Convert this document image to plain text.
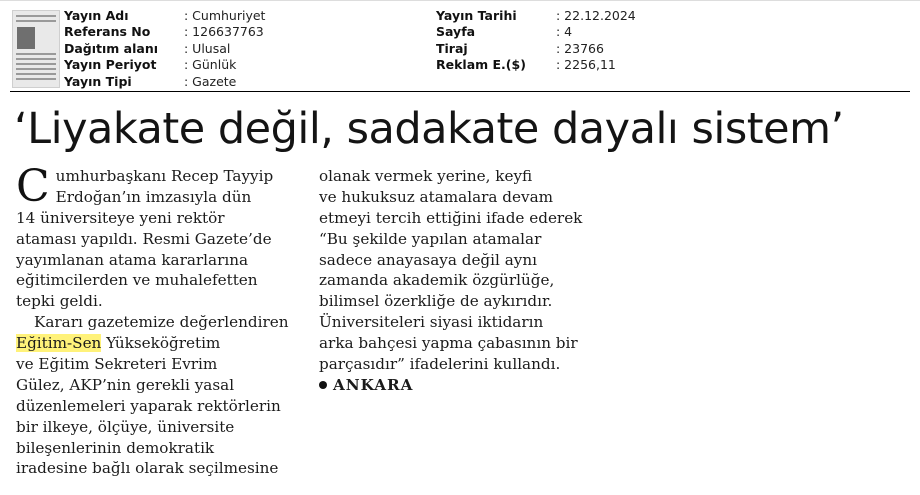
Yayın Adı	: Cumhuriyet
Referans No	: 126637763
Dağıtım alanı : Ulusal
Yayın Periyot : Günlük
Yayın Tipi	: Gazete
Yayın Tarihi	: 22.12.2024
Sayfa	: 4
Tiraj	: 23766
Reklam E.($) : 2256,11
‘Liyakate değil, sadakate dayalı sistem’
C umhurbaşkanı Recep Tayyip
Erdoğan’ın imzasıyla dün
14 üniversiteye yeni rektör
ataması yapıldı. Resmi Gazete’de
yayımlanan atama kararlarına
eğitimcilerden ve muhalefetten
tepki geldi.
Kararı gazetemize değerlendiren
Eğitim-Sen Yükseköğretim
ve Eğitim Sekreteri Evrim
Gülez, AKP’nin gerekli yasal
düzenlemeleri yaparak rektörlerin
bir ilkeye, ölçüye, üniversite
bileşenlerinin demokratik
iradesine bağlı olarak seçilmesine
olanak vermek yerine, keyfi
ve hukuksuz atamalara devam
etmeyi tercih ettiğini ifade ederek
“Bu şekilde yapılan atamalar
sadece anayasaya değil aynı
zamanda akademik özgürlüğe,
bilimsel özerkliğe de aykırıdır.
Üniversiteleri siyasi iktidarın
arka bahçesi yapma çabasının bir
parçasıdır” ifadelerini kullandı.
ANKARA
